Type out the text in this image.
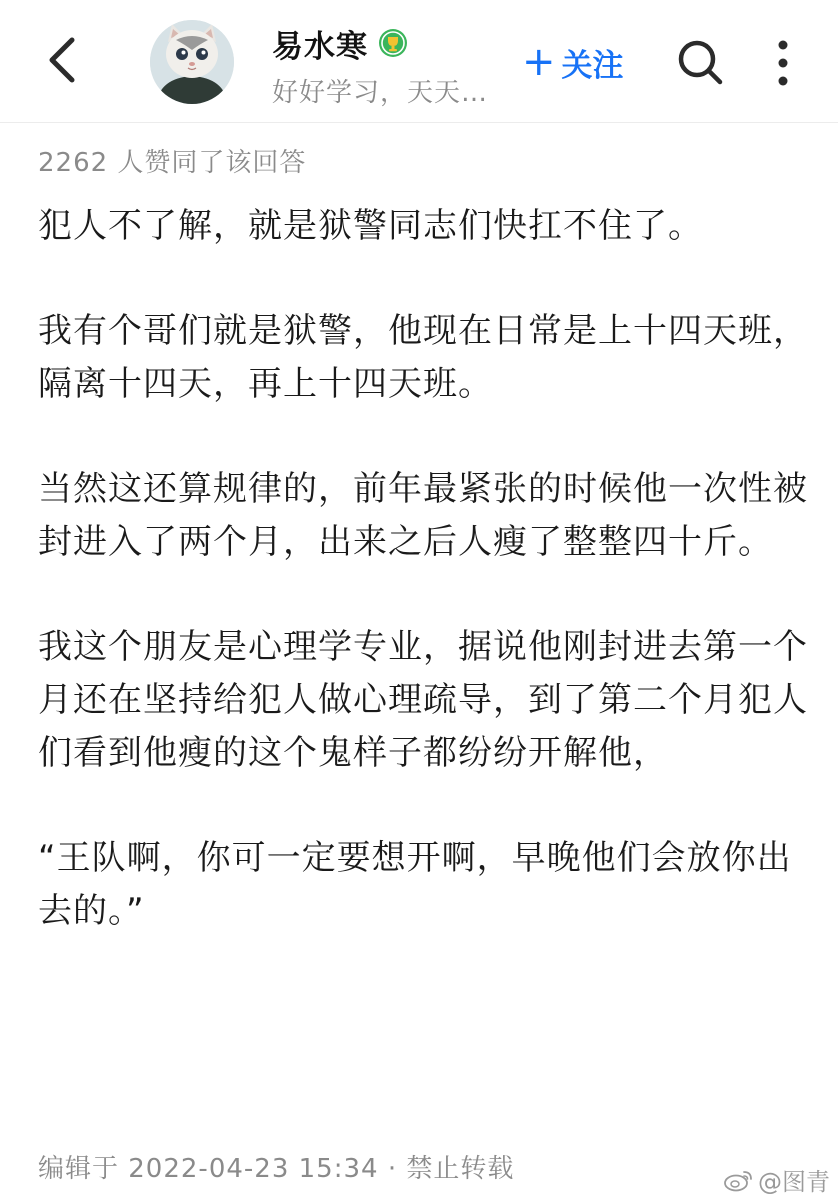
易水寒
好好学习，天天…
+ 关注
2262 人赞同了该回答

犯人不了解，就是狱警同志们快扛不住了。

我有个哥们就是狱警，他现在日常是上十四天班，隔离十四天，再上十四天班。

当然这还算规律的，前年最紧张的时候他一次性被封进入了两个月，出来之后人瘦了整整四十斤。

我这个朋友是心理学专业，据说他刚封进去第一个月还在坚持给犯人做心理疏导，到了第二个月犯人们看到他瘦的这个鬼样子都纷纷开解他，

“王队啊，你可一定要想开啊，早晚他们会放你出去的。”

编辑于 2022-04-23 15:34 · 禁止转载	@图青
